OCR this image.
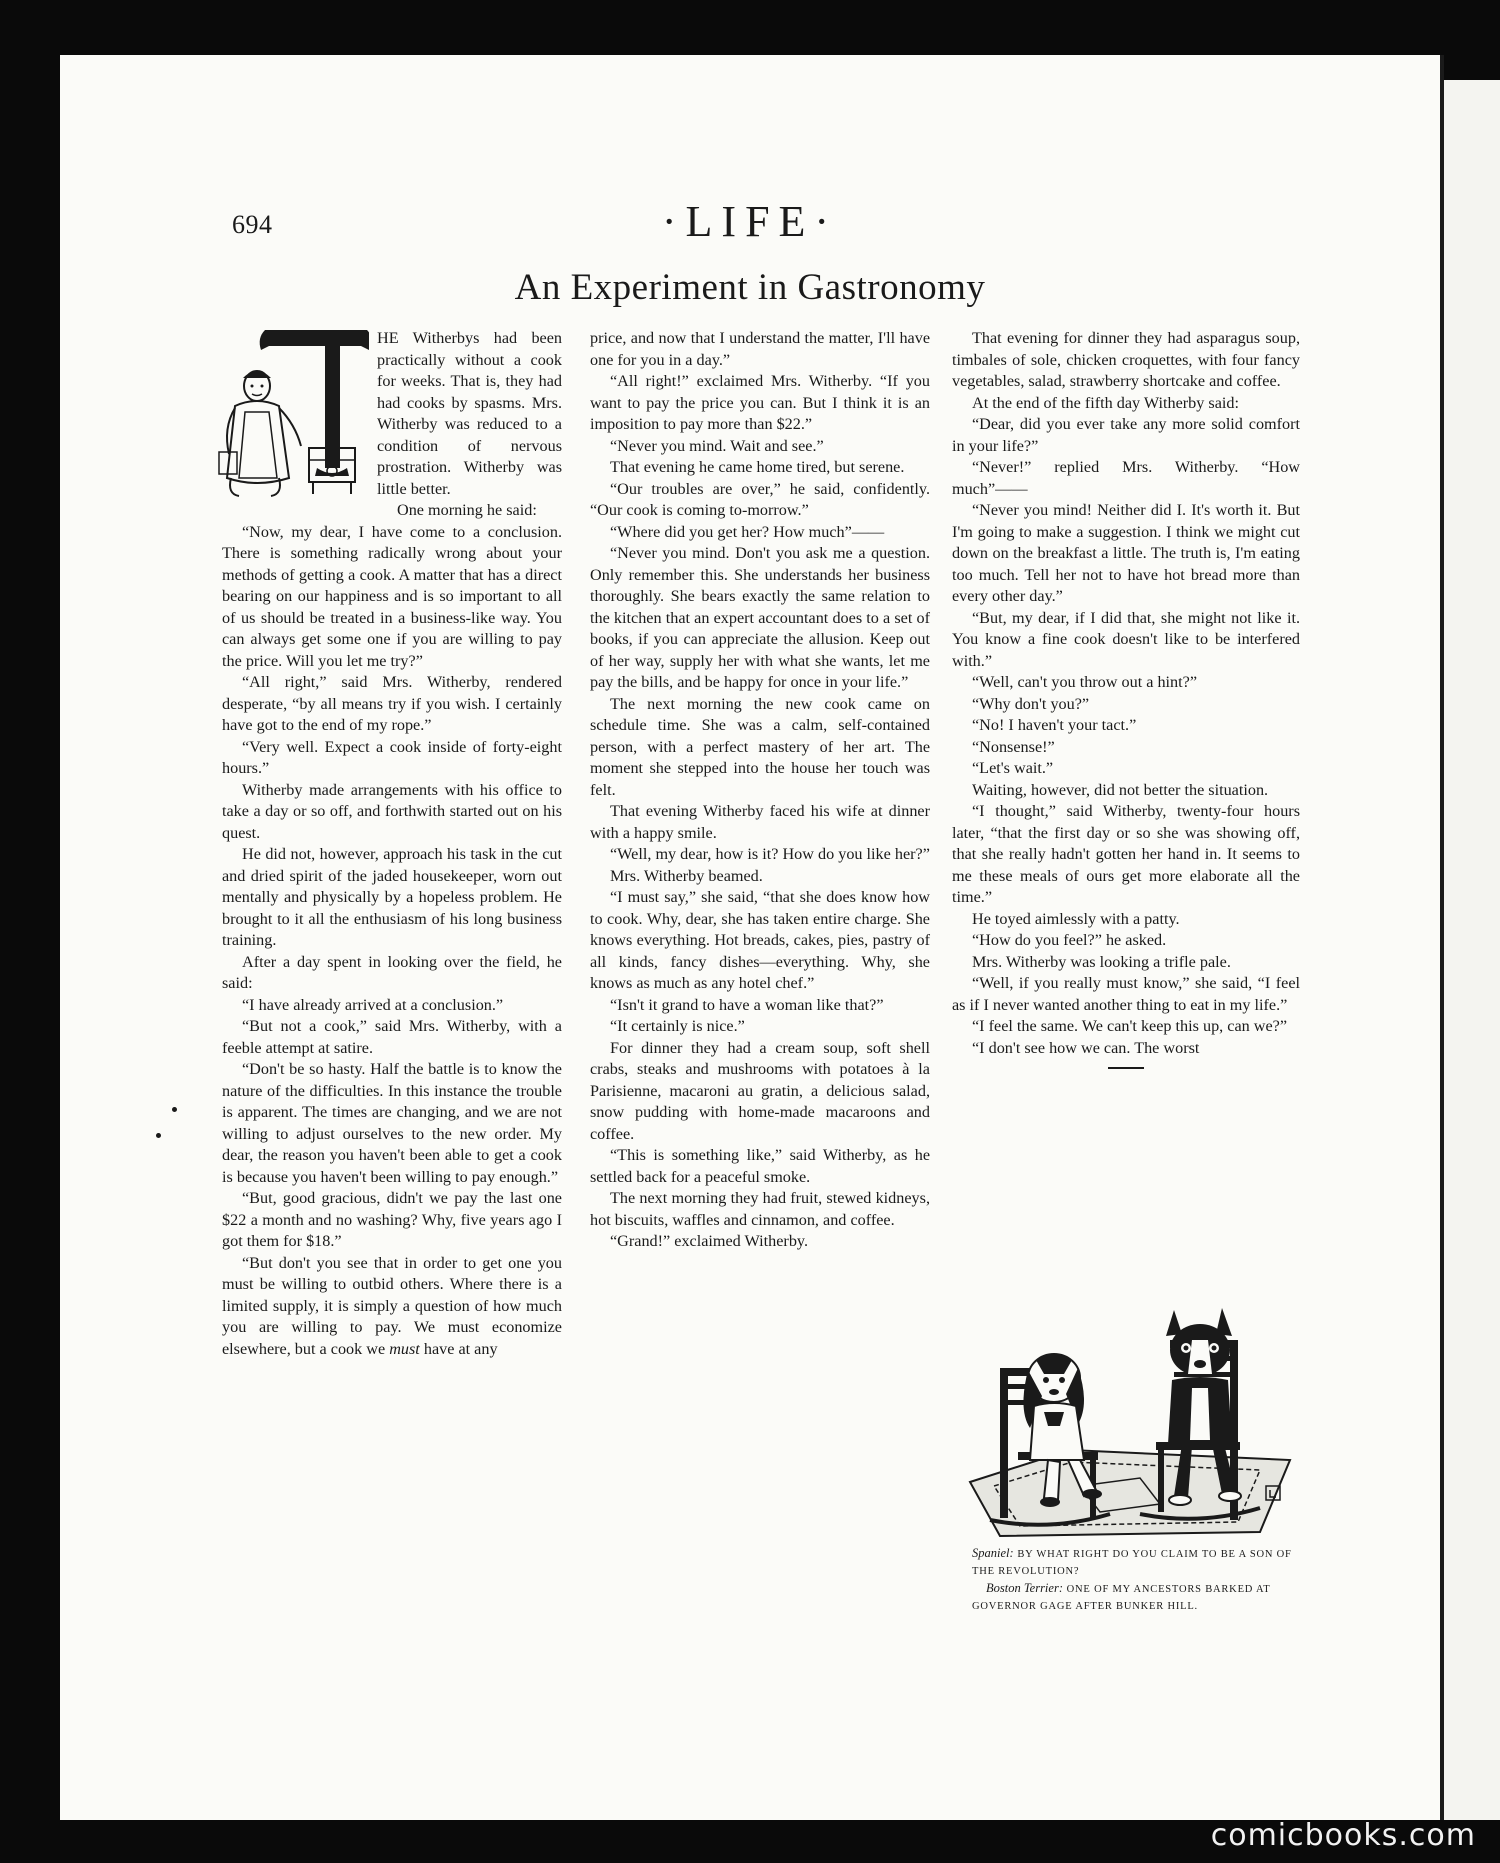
694	·LIFE·
An Experiment in Gastronomy

HE Witherbys had been practically without a cook for weeks. That is, they had had cooks by spasms. Mrs. Witherby was reduced to a condition of nervous prostration. Witherby was little better.

One morning he said:

“Now, my dear, I have come to a conclusion. There is something radically wrong about your methods of getting a cook. A matter that has a direct bearing on our happiness and is so important to all of us should be treated in a business-like way. You can always get some one if you are willing to pay the price. Will you let me try?”

“All right,” said Mrs. Witherby, rendered desperate, “by all means try if you wish. I certainly have got to the end of my rope.”

“Very well. Expect a cook inside of forty-eight hours.”

Witherby made arrangements with his office to take a day or so off, and forthwith started out on his quest.

He did not, however, approach his task in the cut and dried spirit of the jaded housekeeper, worn out mentally and physically by a hopeless problem. He brought to it all the enthusiasm of his long business training.

After a day spent in looking over the field, he said:

“I have already arrived at a conclusion.”

“But not a cook,” said Mrs. Witherby, with a feeble attempt at satire.

“Don't be so hasty. Half the battle is to know the nature of the difficulties. In this instance the trouble is apparent. The times are changing, and we are not willing to adjust ourselves to the new order. My dear, the reason you haven't been able to get a cook is because you haven't been willing to pay enough.”

“But, good gracious, didn't we pay the last one $22 a month and no washing? Why, five years ago I got them for $18.”

“But don't you see that in order to get one you must be willing to outbid others. Where there is a limited supply, it is simply a question of how much you are willing to pay. We must economize elsewhere, but a cook we must have at any

price, and now that I understand the matter, I'll have one for you in a day.”

“All right!” exclaimed Mrs. Witherby. “If you want to pay the price you can. But I think it is an imposition to pay more than $22.”

“Never you mind. Wait and see.”

That evening he came home tired, but serene.

“Our troubles are over,” he said, confidently. “Our cook is coming to-morrow.”

“Where did you get her? How much”——

“Never you mind. Don't you ask me a question. Only remember this. She understands her business thoroughly. She bears exactly the same relation to the kitchen that an expert accountant does to a set of books, if you can appreciate the allusion. Keep out of her way, supply her with what she wants, let me pay the bills, and be happy for once in your life.”

The next morning the new cook came on schedule time. She was a calm, self-contained person, with a perfect mastery of her art. The moment she stepped into the house her touch was felt.

That evening Witherby faced his wife at dinner with a happy smile.

“Well, my dear, how is it? How do you like her?”

Mrs. Witherby beamed.

“I must say,” she said, “that she does know how to cook. Why, dear, she has taken entire charge. She knows everything. Hot breads, cakes, pies, pastry of all kinds, fancy dishes—everything. Why, she knows as much as any hotel chef.”

“Isn't it grand to have a woman like that?”

“It certainly is nice.”

For dinner they had a cream soup, soft shell crabs, steaks and mushrooms with potatoes à la Parisienne, macaroni au gratin, a delicious salad, snow pudding with home-made macaroons and coffee.

“This is something like,” said Witherby, as he settled back for a peaceful smoke.

The next morning they had fruit, stewed kidneys, hot biscuits, waffles and cinnamon, and coffee.

“Grand!” exclaimed Witherby.

That evening for dinner they had asparagus soup, timbales of sole, chicken croquettes, with four fancy vegetables, salad, strawberry shortcake and coffee.

At the end of the fifth day Witherby said:

“Dear, did you ever take any more solid comfort in your life?”

“Never!” replied Mrs. Witherby. “How much”——

“Never you mind! Neither did I. It's worth it. But I'm going to make a suggestion. I think we might cut down on the breakfast a little. The truth is, I'm eating too much. Tell her not to have hot bread more than every other day.”

“But, my dear, if I did that, she might not like it. You know a fine cook doesn't like to be interfered with.”

“Well, can't you throw out a hint?”

“Why don't you?”

“No! I haven't your tact.”

“Nonsense!”

“Let's wait.”

Waiting, however, did not better the situation.

“I thought,” said Witherby, twenty-four hours later, “that the first day or so she was showing off, that she really hadn't gotten her hand in. It seems to me these meals of ours get more elaborate all the time.”

He toyed aimlessly with a patty.

“How do you feel?” he asked.

Mrs. Witherby was looking a trifle pale.

“Well, if you really must know,” she said, “I feel as if I never wanted another thing to eat in my life.”

“I feel the same. We can't keep this up, can we?”

“I don't see how we can. The worst

Spaniel: BY WHAT RIGHT DO YOU CLAIM TO BE A SON OF THE REVOLUTION?
Boston Terrier: ONE OF MY ANCESTORS BARKED AT GOVERNOR GAGE AFTER BUNKER HILL.
comicbooks.com
